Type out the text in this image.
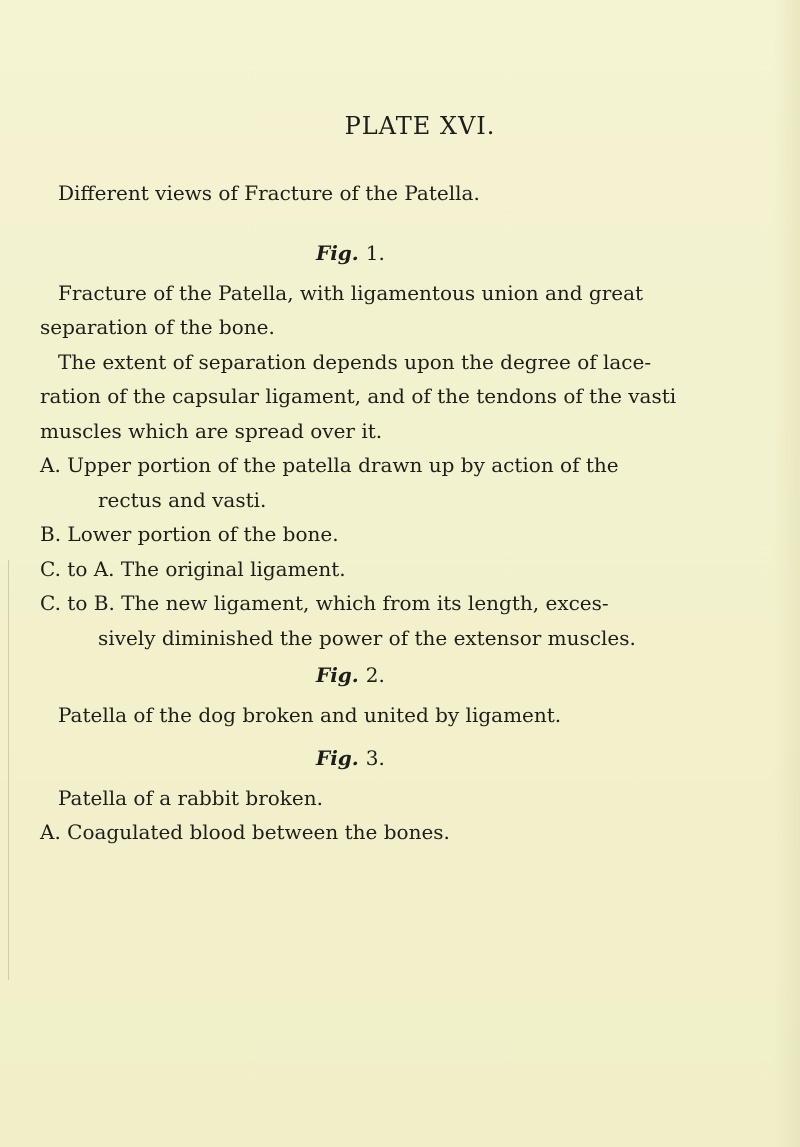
PLATE XVI.
Different views of Fracture of the Patella.
Fig. 1.
Fracture of the Patella, with ligamentous union and great
separation of the bone.
The extent of separation depends upon the degree of lace-
ration of the capsular ligament, and of the tendons of the vasti
muscles which are spread over it.
A. Upper portion of the patella drawn up by action of the
rectus and vasti.
B. Lower portion of the bone.
C. to A. The original ligament.
C. to B. The new ligament, which from its length, exces-
sively diminished the power of the extensor muscles.
Fig. 2.
Patella of the dog broken and united by ligament.
Fig. 3.
Patella of a rabbit broken.
A. Coagulated blood between the bones.
